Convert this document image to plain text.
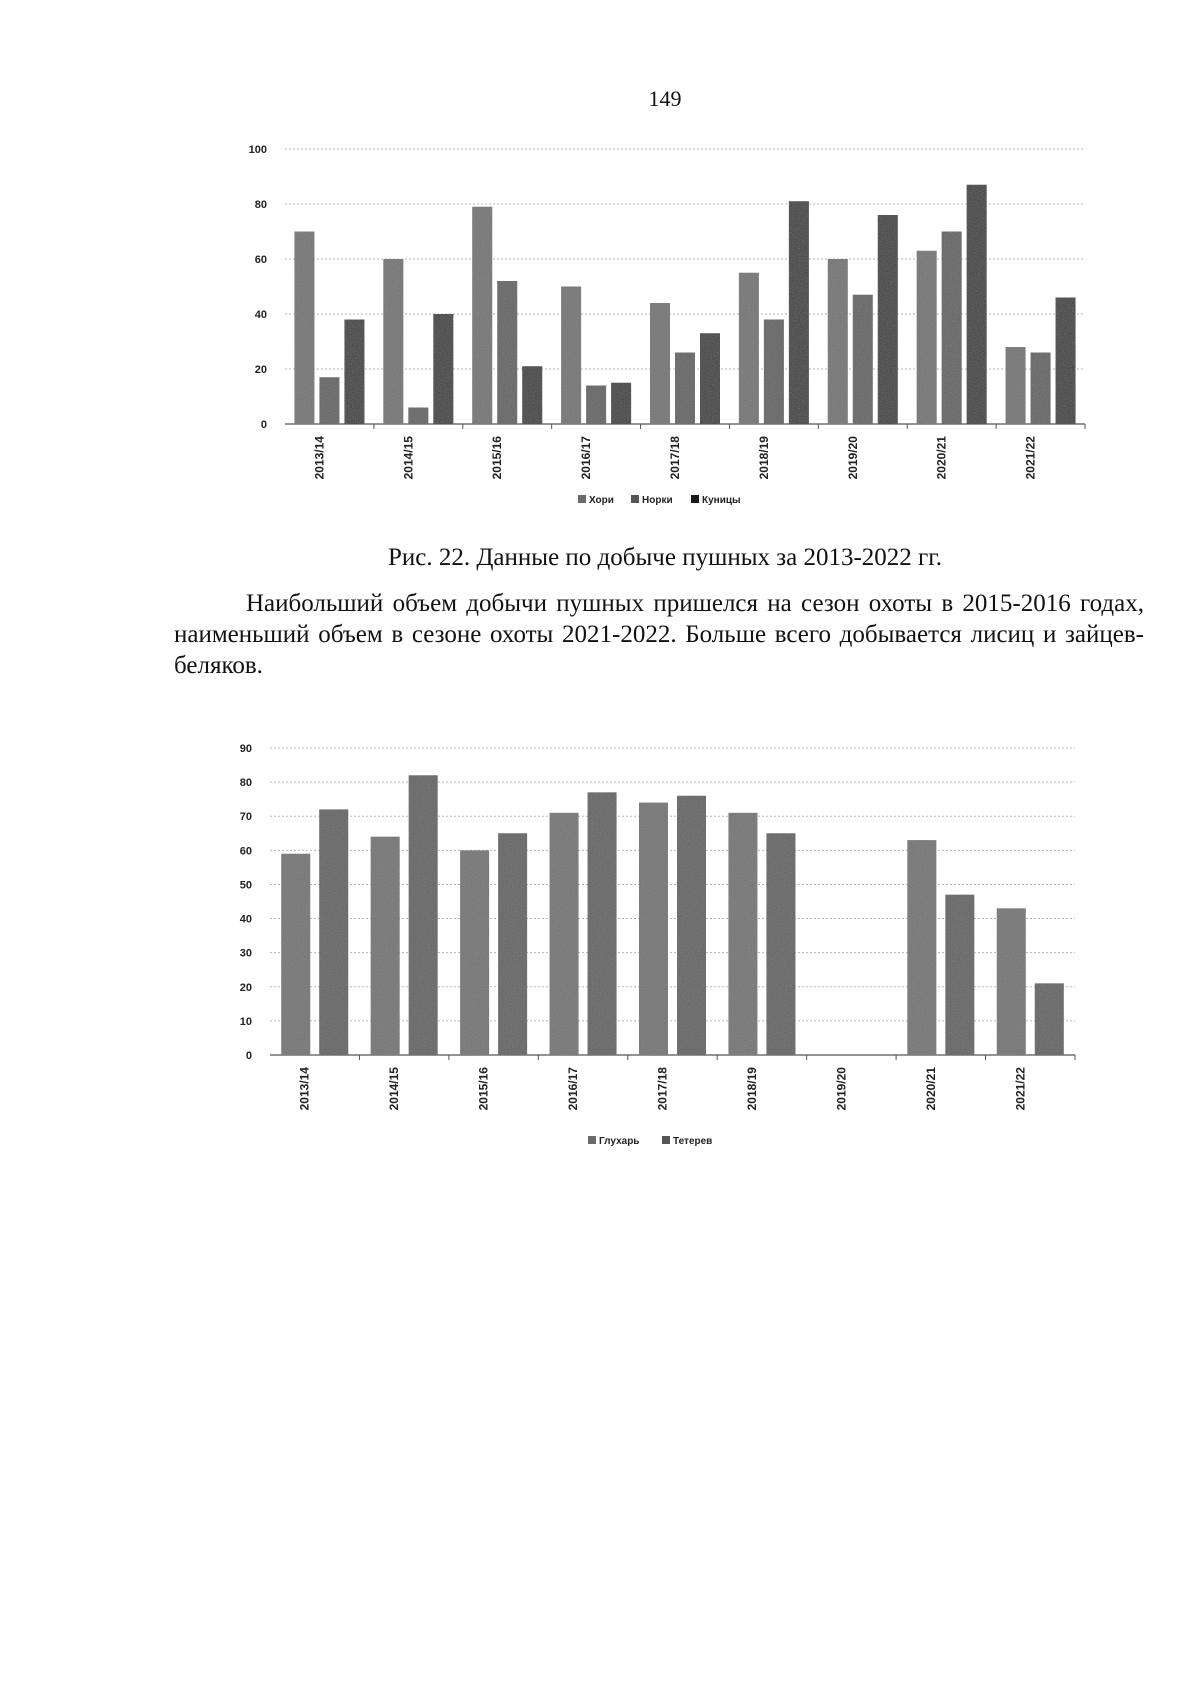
149
0
20
40
60
80
100
2013/14	2014/15	2015/16	2016/17	2017/18	2018/19	2019/20	2020/21	2021/22
Хори	Норки	Куницы
Рис. 22. Данные по добыче пушных за 2013-2022 гг.

Наибольший объем добычи пушных пришелся на сезон охоты в 2015-2016 годах, наименьший объем в сезоне охоты 2021-2022. Больше всего добывается лисиц и зайцев-беляков.

0
10
20
30
40
50
60
70
80
90
2013/14	2014/15	2015/16	2016/17	2017/18	2018/19	2019/20	2020/21	2021/22
Глухарь	Тетерев
